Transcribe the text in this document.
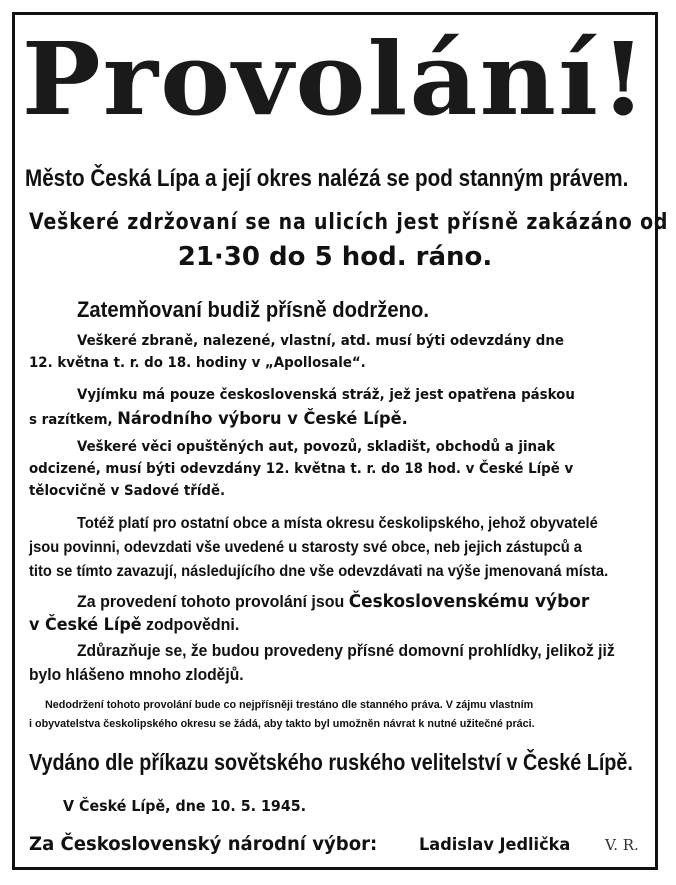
Provolání!
Město Česká Lípa a její okres nalézá se pod stanným právem.
Veškeré zdržovaní se na ulicích jest přísně zakázáno od
21·30 do 5 hod. ráno.
Zatemňovaní budiž přísně dodrženo.
Veškeré zbraně, nalezené, vlastní, atd. musí býti odevzdány dne
12. května t. r. do 18. hodiny v „Apollosale“.
Vyjímku má pouze československá stráž, jež jest opatřena páskou
s razítkem, Národního výboru v České Lípě.
Veškeré věci opuštěných aut, povozů, skladišt, obchodů a jinak
odcizené, musí býti odevzdány 12. května t. r. do 18 hod. v České Lípě v
tělocvičně v Sadové třídě.
Totéž platí pro ostatní obce a místa okresu českolipského, jehož obyvatelé
jsou povinni, odevzdati vše uvedené u starosty své obce, neb jejich zástupců a
tito se tímto zavazují, následujícího dne vše odevzdávati na výše jmenovaná místa.
Za provedení tohoto provolání jsou Československému výbor
v České Lípě zodpovědni.
Zdůrazňuje se, že budou provedeny přísné domovní prohlídky, jelikož již
bylo hlášeno mnoho zlodějů.
Nedodržení tohoto provolání bude co nejpřísněji trestáno dle stanného práva. V zájmu vlastním
i obyvatelstva českolipského okresu se žádá, aby takto byl umožněn návrat k nutné užitečné práci.
Vydáno dle příkazu sovětského ruského velitelství v České Lípě.
V České Lípě, dne 10. 5. 1945.
Za Československý národní výbor: Ladislav Jedlička V. R.
